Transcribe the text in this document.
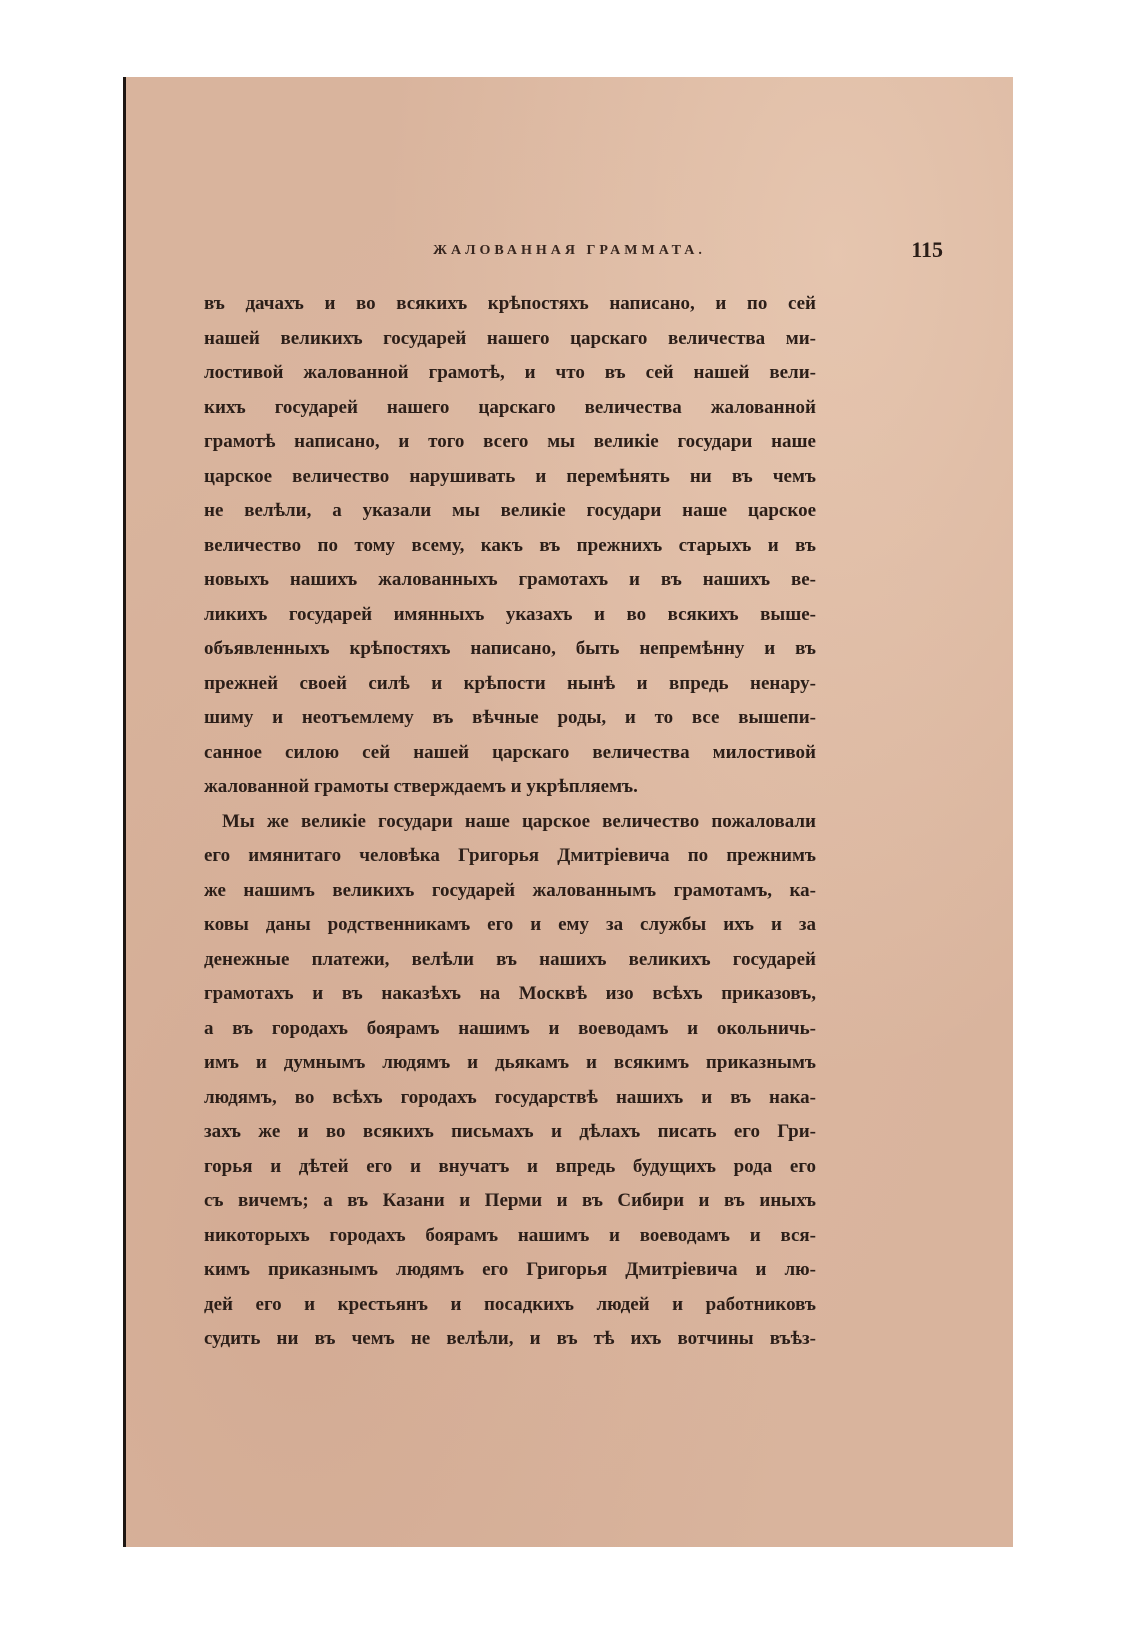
ЖАЛОВАННАЯ ГРАММАТА.	115
въ дачахъ и во всякихъ крѣпостяхъ написано, и по сей
нашей великихъ государей нашего царскаго величества ми-
лостивой жалованной грамотѣ, и что въ сей нашей вели-
кихъ государей нашего царскаго величества жалованной
грамотѣ написано, и того всего мы великіе государи наше
царское величество нарушивать и перемѣнять ни въ чемъ
не велѣли, а указали мы великіе государи наше царское
величество по тому всему, какъ въ прежнихъ старыхъ и въ
новыхъ нашихъ жалованныхъ грамотахъ и въ нашихъ ве-
ликихъ государей имянныхъ указахъ и во всякихъ выше-
объявленныхъ крѣпостяхъ написано, быть непремѣнну и въ
прежней своей силѣ и крѣпости нынѣ и впредь ненару-
шиму и неотъемлему въ вѣчные роды, и то все вышепи-
санное силою сей нашей царскаго величества милостивой
жалованной грамоты стверждаемъ и укрѣпляемъ.
Мы же великіе государи наше царское величество пожаловали
его имянитаго человѣка Григорья Дмитріевича по прежнимъ
же нашимъ великихъ государей жалованнымъ грамотамъ, ка-
ковы даны родственникамъ его и ему за службы ихъ и за
денежные платежи, велѣли въ нашихъ великихъ государей
грамотахъ и въ наказѣхъ на Москвѣ изо всѣхъ приказовъ,
а въ городахъ боярамъ нашимъ и воеводамъ и окольничь-
имъ и думнымъ людямъ и дьякамъ и всякимъ приказнымъ
людямъ, во всѣхъ городахъ государствѣ нашихъ и въ нака-
захъ же и во всякихъ письмахъ и дѣлахъ писать его Гри-
горья и дѣтей его и внучатъ и впредь будущихъ рода его
съ вичемъ; а въ Казани и Перми и въ Сибири и въ иныхъ
никоторыхъ городахъ боярамъ нашимъ и воеводамъ и вся-
кимъ приказнымъ людямъ его Григорья Дмитріевича и лю-
дей его и крестьянъ и посадкихъ людей и работниковъ
судить ни въ чемъ не велѣли, и въ тѣ ихъ вотчины въѣз-
